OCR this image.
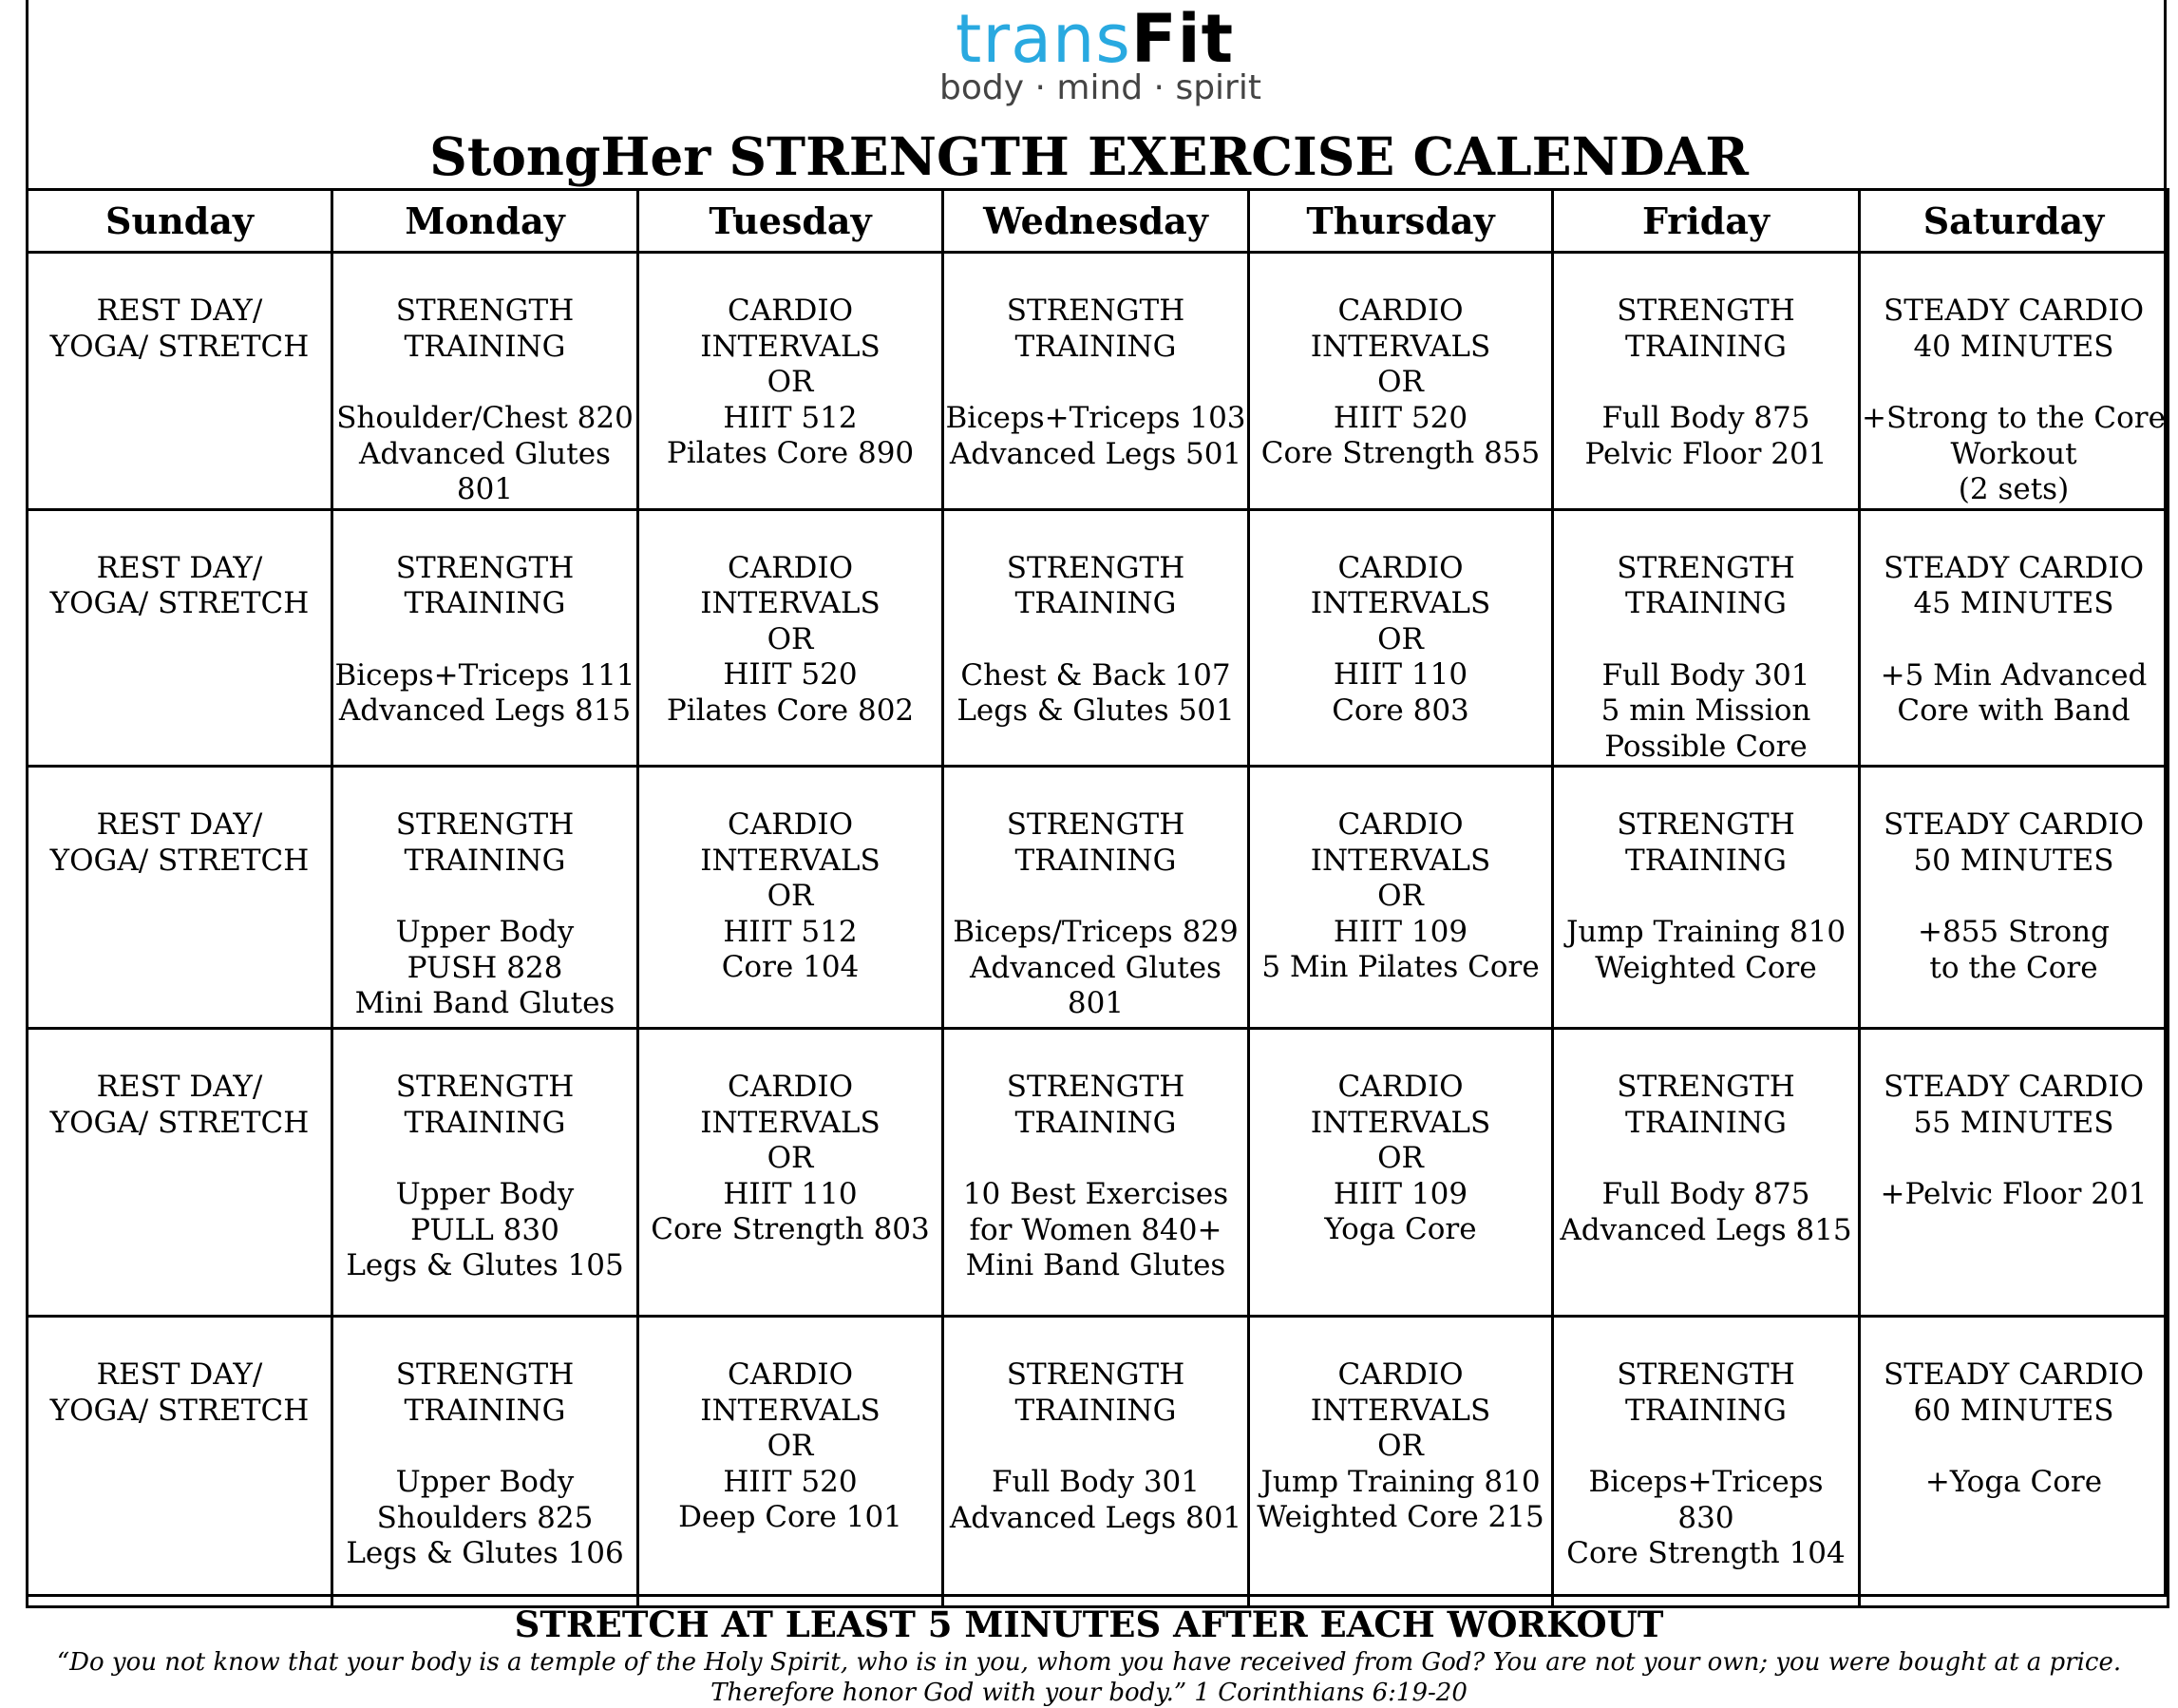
transFit
body · mind · spirit
StongHer STRENGTH EXERCISE CALENDAR
Sunday	Monday	Tuesday	Wednesday	Thursday	Friday	Saturday

REST DAY/
YOGA/ STRETCH	STRENGTH
TRAINING
Shoulder/Chest 820
Advanced Glutes 801	CARDIO
INTERVALS
OR
HIIT 512
Pilates Core 890	STRENGTH
TRAINING
Biceps+Triceps 103
Advanced Legs 501	CARDIO
INTERVALS
OR
HIIT 520
Core Strength 855	STRENGTH
TRAINING
Full Body 875
Pelvic Floor 201	STEADY CARDIO
40 MINUTES
+Strong to the Core
Workout
(2 sets)

REST DAY/
YOGA/ STRETCH	STRENGTH
TRAINING
Biceps+Triceps 111
Advanced Legs 815	CARDIO
INTERVALS
OR
HIIT 520
Pilates Core 802	STRENGTH
TRAINING
Chest & Back 107
Legs & Glutes 501	CARDIO
INTERVALS
OR
HIIT 110
Core 803	STRENGTH
TRAINING
Full Body 301
5 min Mission
Possible Core	STEADY CARDIO
45 MINUTES
+5 Min Advanced
Core with Band

REST DAY/
YOGA/ STRETCH	STRENGTH
TRAINING
Upper Body
PUSH 828
Mini Band Glutes	CARDIO
INTERVALS
OR
HIIT 512
Core 104	STRENGTH
TRAINING
Biceps/Triceps 829
Advanced Glutes 801	CARDIO
INTERVALS
OR
HIIT 109
5 Min Pilates Core	STRENGTH
TRAINING
Jump Training 810
Weighted Core	STEADY CARDIO
50 MINUTES
+855 Strong
to the Core

REST DAY/
YOGA/ STRETCH	STRENGTH
TRAINING
Upper Body
PULL 830
Legs & Glutes 105	CARDIO
INTERVALS
OR
HIIT 110
Core Strength 803	STRENGTH
TRAINING
10 Best Exercises
for Women 840+
Mini Band Glutes	CARDIO
INTERVALS
OR
HIIT 109
Yoga Core	STRENGTH
TRAINING
Full Body 875
Advanced Legs 815	STEADY CARDIO
55 MINUTES
+Pelvic Floor 201

REST DAY/
YOGA/ STRETCH	STRENGTH
TRAINING
Upper Body
Shoulders 825
Legs & Glutes 106	CARDIO
INTERVALS
OR
HIIT 520
Deep Core 101	STRENGTH
TRAINING
Full Body 301
Advanced Legs 801	CARDIO
INTERVALS
OR
Jump Training 810
Weighted Core 215	STRENGTH
TRAINING
Biceps+Triceps
830
Core Strength 104	STEADY CARDIO
60 MINUTES
+Yoga Core
STRETCH AT LEAST 5 MINUTES AFTER EACH WORKOUT
“Do you not know that your body is a temple of the Holy Spirit, who is in you, whom you have received from God? You are not your own; you were bought at a price. Therefore honor God with your body.” 1 Corinthians 6:19-20
